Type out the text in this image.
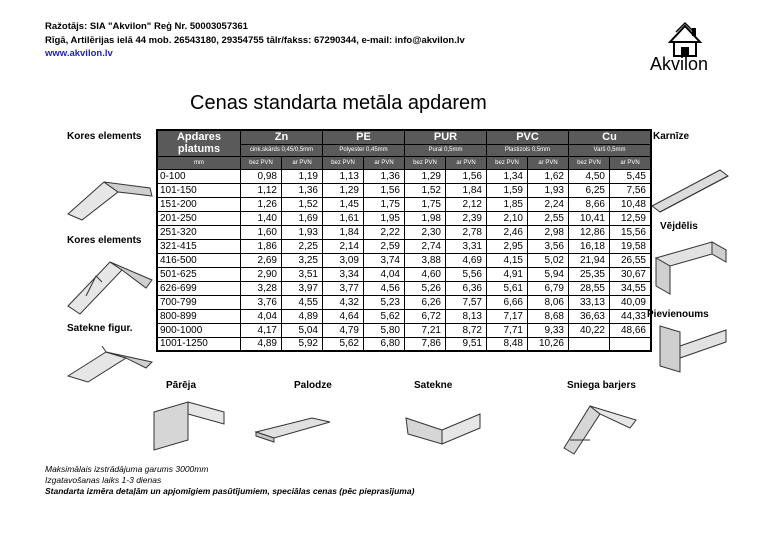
Ražotājs: SIA "Akvilon" Reģ Nr. 50003057361
Rīgā, Artilērijas ielā 44 mob. 26543180, 29354755 tālr/fakss: 67290344, e-mail: info@akvilon.lv
www.akvilon.lv
Akvilon
Cenas standarta metāla apdarem
Kores elements
Kores elements
Satekne figur.
Karnīze
Vējdēlis
Pievienoums
Pārēja	Palodze	Satekne	Sniega barjers
Apdares platums	Zn		PE		PUR		PVC		Cu	
	cink.skārds 0,45/0,5mm		Polyester 0,45mm		Pural 0,5mm		Plastizols 0,5mm		Varš 0,5mm	
mm	bez PVN	ar PVN	bez PVN	ar PVN	bez PVN	ar PVN	bez PVN	ar PVN	bez PVN	ar PVN
0-100	0,98	1,19	1,13	1,36	1,29	1,56	1,34	1,62	4,50	5,45
101-150	1,12	1,36	1,29	1,56	1,52	1,84	1,59	1,93	6,25	7,56
151-200	1,26	1,52	1,45	1,75	1,75	2,12	1,85	2,24	8,66	10,48
201-250	1,40	1,69	1,61	1,95	1,98	2,39	2,10	2,55	10,41	12,59
251-320	1,60	1,93	1,84	2,22	2,30	2,78	2,46	2,98	12,86	15,56
321-415	1,86	2,25	2,14	2,59	2,74	3,31	2,95	3,56	16,18	19,58
416-500	2,69	3,25	3,09	3,74	3,88	4,69	4,15	5,02	21,94	26,55
501-625	2,90	3,51	3,34	4,04	4,60	5,56	4,91	5,94	25,35	30,67
626-699	3,28	3,97	3,77	4,56	5,26	6,36	5,61	6,79	28,55	34,55
700-799	3,76	4,55	4,32	5,23	6,26	7,57	6,66	8,06	33,13	40,09
800-899	4,04	4,89	4,64	5,62	6,72	8,13	7,17	8,68	36,63	44,33
900-1000	4,17	5,04	4,79	5,80	7,21	8,72	7,71	9,33	40,22	48,66
1001-1250	4,89	5,92	5,62	6,80	7,86	9,51	8,48	10,26		
Maksimālais izstrādājuma garums 3000mm
Izgatavošanas laiks 1-3 dienas
Standarta izmēra detaļām un apjomīgiem pasūtījumiem, speciālas cenas (pēc pieprasījuma)
